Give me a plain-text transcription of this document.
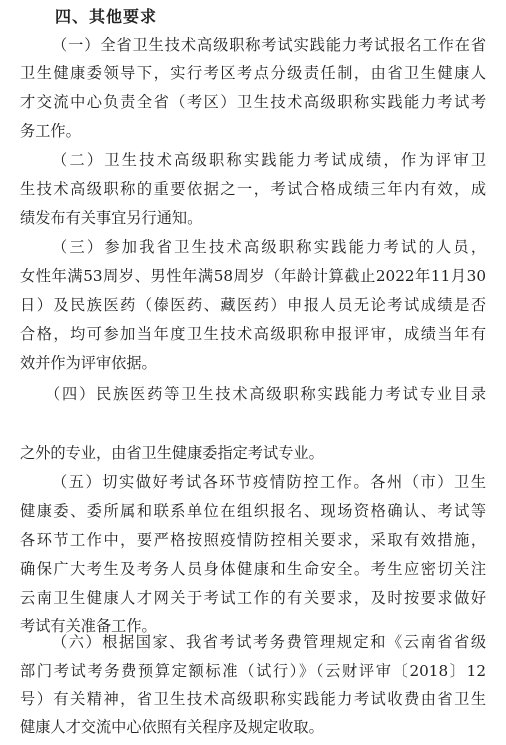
四、其他要求
（一）全省卫生技术高级职称考试实践能力考试报名工作在省
卫生健康委领导下，实行考区考点分级责任制，由省卫生健康人
才交流中心负责全省（考区）卫生技术高级职称实践能力考试考
务工作。
（二）卫生技术高级职称实践能力考试成绩，作为评审卫
生技术高级职称的重要依据之一，考试合格成绩三年内有效，成
绩发布有关事宜另行通知。
（三）参加我省卫生技术高级职称实践能力考试的人员，
女性年满53周岁、男性年满58周岁（年龄计算截止2022年11月30
日）及民族医药（傣医药、藏医药）申报人员无论考试成绩是否
合格，均可参加当年度卫生技术高级职称申报评审，成绩当年有
效并作为评审依据。
（四）民族医药等卫生技术高级职称实践能力考试专业目录
之外的专业，由省卫生健康委指定考试专业。
（五）切实做好考试各环节疫情防控工作。各州（市）卫生
健康委、委所属和联系单位在组织报名、现场资格确认、考试等
各环节工作中，要严格按照疫情防控相关要求，采取有效措施，
确保广大考生及考务人员身体健康和生命安全。考生应密切关注
云南卫生健康人才网关于考试工作的有关要求，及时按要求做好
考试有关准备工作。
（六）根据国家、我省考试考务费管理规定和《云南省省级
部门考试考务费预算定额标准（试行）》（云财评审〔2018〕12
号）有关精神，省卫生技术高级职称实践能力考试收费由省卫生
健康人才交流中心依照有关程序及规定收取。
